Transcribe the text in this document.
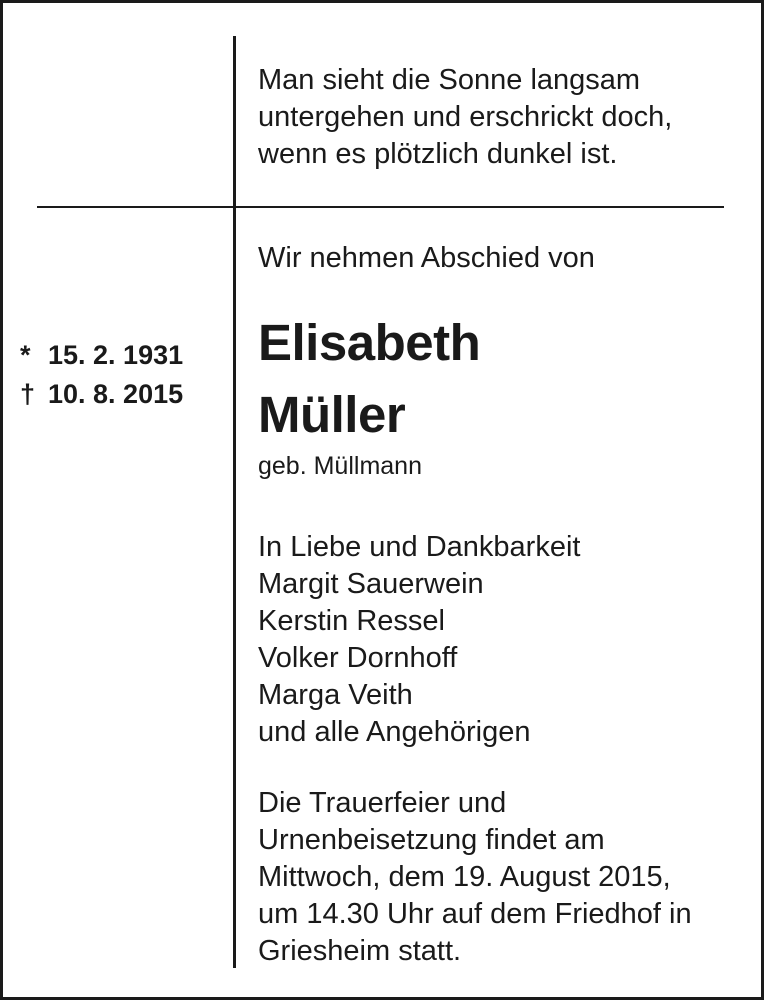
Man sieht die Sonne langsam
untergehen und erschrickt doch,
wenn es plötzlich dunkel ist.
Wir nehmen Abschied von
Elisabeth
Müller
geb. Müllmann
* 15. 2. 1931
† 10. 8. 2015
In Liebe und Dankbarkeit
Margit Sauerwein
Kerstin Ressel
Volker Dornhoff
Marga Veith
und alle Angehörigen
Die Trauerfeier und
Urnenbeisetzung findet am
Mittwoch, dem 19. August 2015,
um 14.30 Uhr auf dem Friedhof in
Griesheim statt.
